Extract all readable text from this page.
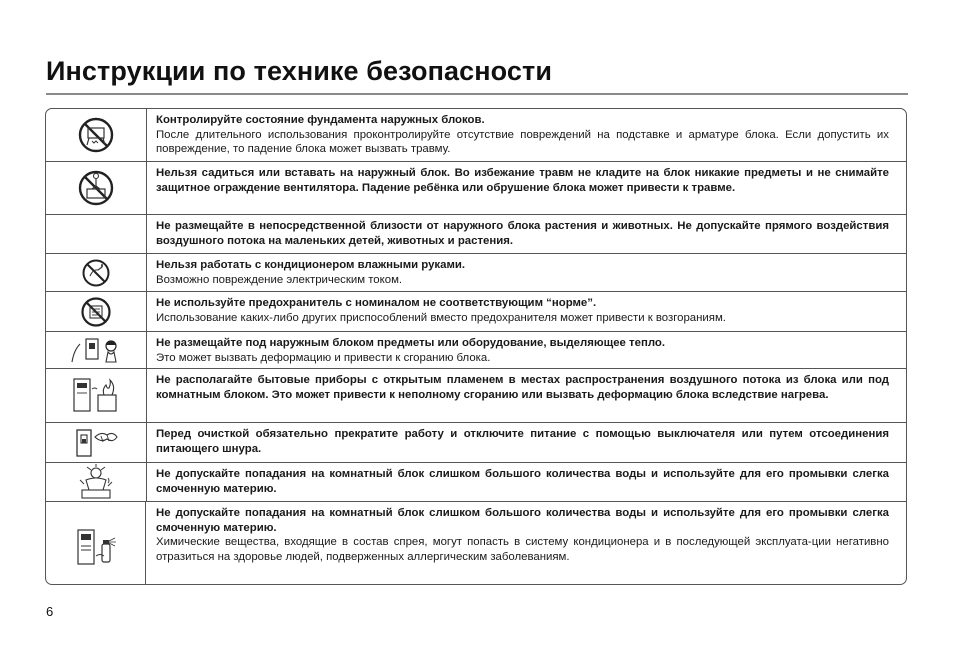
Инструкции по технике безопасности
Контролируйте состояние фундамента наружных блоков.
После длительного использования проконтролируйте отсутствие повреждений на подставке и арматуре блока. Если допустить их повреждение, то падение блока может вызвать травму.
Нельзя садиться или вставать на наружный блок. Во избежание травм не кладите на блок никакие предметы и не снимайте защитное ограждение вентилятора. Падение ребёнка или обрушение блока может привести к травме.
Не размещайте в непосредственной близости от наружного блока растения и животных. Не допускайте прямого воздействия воздушного потока на маленьких детей, животных и растения.
Нельзя работать с кондиционером влажными руками.
Возможно повреждение электрическим током.
Не используйте предохранитель с номиналом не соответствующим “норме”.
Использование каких-либо других приспособлений вместо предохранителя может привести к возгораниям.
Не размещайте под наружным блоком предметы или оборудование, выделяющее тепло.
Это может вызвать деформацию и привести к сгоранию блока.
Не располагайте бытовые приборы с открытым пламенем в местах распространения воздушного потока из блока или под комнатным блоком. Это может привести к неполному сгоранию или вызвать деформацию блока вследствие нагрева.
Перед очисткой обязательно прекратите работу и отключите питание с помощью выключателя или путем отсоединения питающего шнура.
Не допускайте попадания на комнатный блок слишком большого количества воды и используйте для его промывки слегка смоченную материю.
Не допускайте попадания на комнатный блок слишком большого количества воды и используйте для его промывки слегка смоченную материю.
Химические вещества, входящие в состав спрея, могут попасть в систему кондиционера и в последующей эксплуата-ции негативно отразиться на здоровье людей, подверженных аллергическим заболеваниям.
6
